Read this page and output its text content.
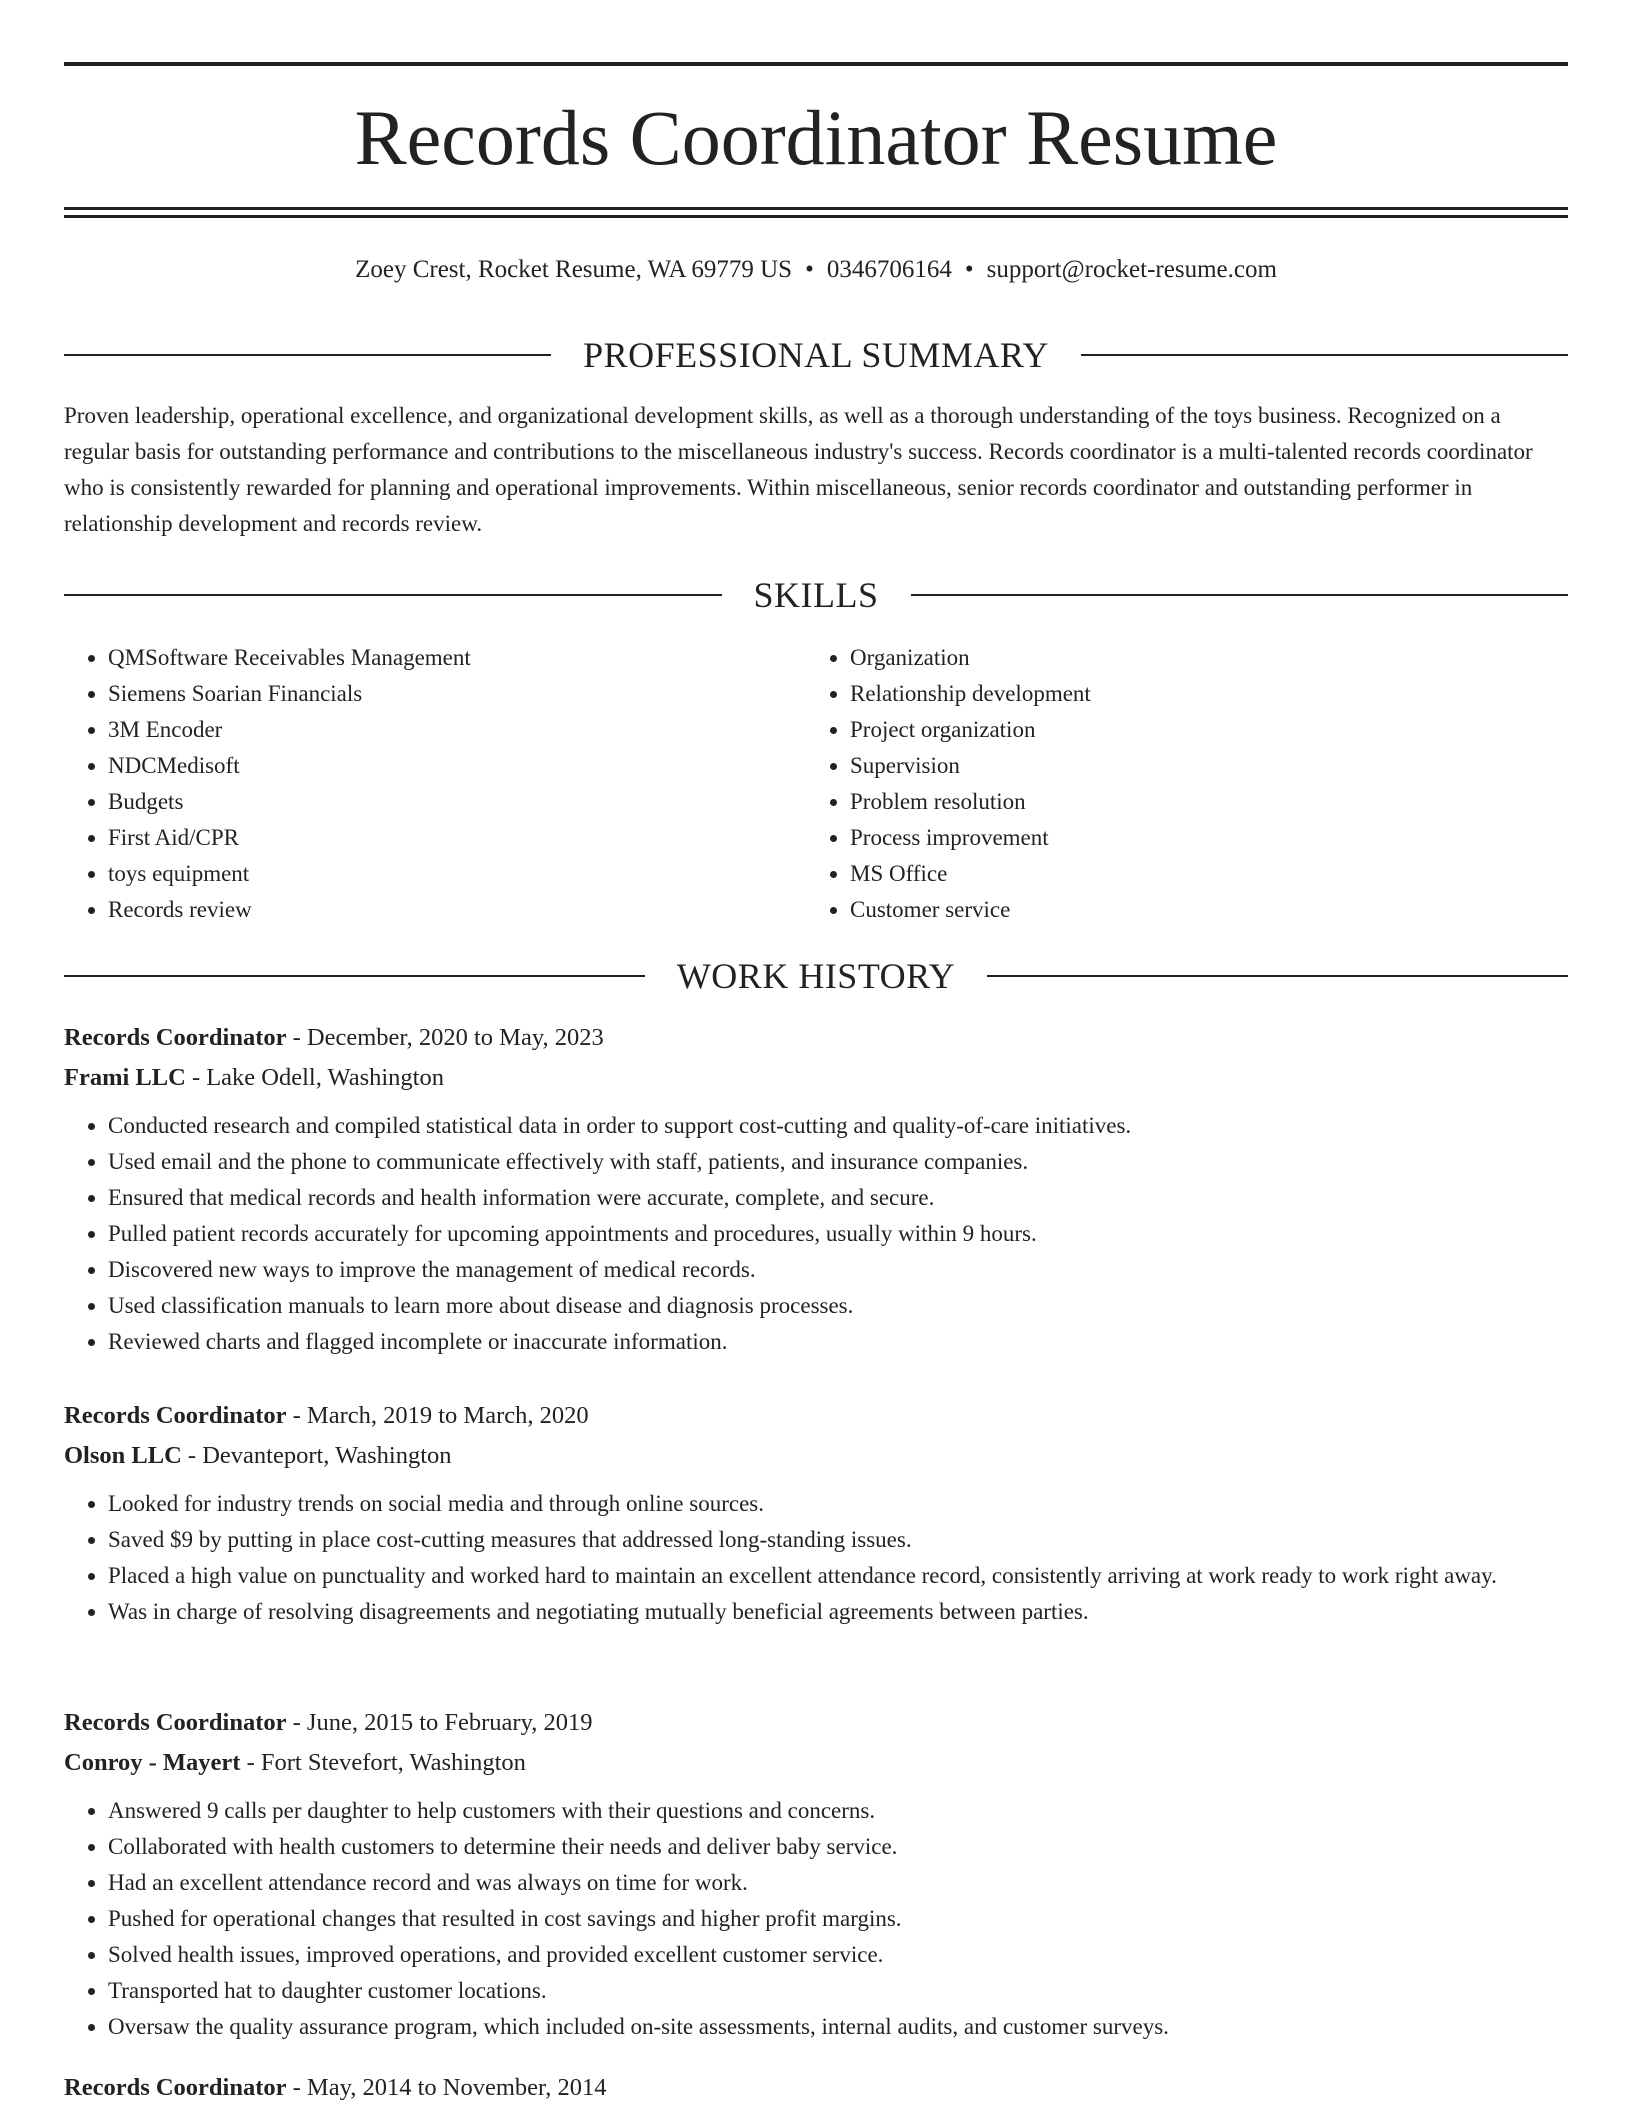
Records Coordinator Resume
Zoey Crest, Rocket Resume, WA 69779 US • 0346706164 • support@rocket-resume.com
PROFESSIONAL SUMMARY

Proven leadership, operational excellence, and organizational development skills, as well as a thorough understanding of the toys business. Recognized on a regular basis for outstanding performance and contributions to the miscellaneous industry's success. Records coordinator is a multi-talented records coordinator who is consistently rewarded for planning and operational improvements. Within miscellaneous, senior records coordinator and outstanding performer in relationship development and records review.

SKILLS
• QMSoftware Receivables Management
• Siemens Soarian Financials
• 3M Encoder
• NDCMedisoft
• Budgets
• First Aid/CPR
• toys equipment
• Records review
• Organization
• Relationship development
• Project organization
• Supervision
• Problem resolution
• Process improvement
• MS Office
• Customer service
WORK HISTORY
Records Coordinator - December, 2020 to May, 2023
Frami LLC - Lake Odell, Washington
• Conducted research and compiled statistical data in order to support cost-cutting and quality-of-care initiatives.
• Used email and the phone to communicate effectively with staff, patients, and insurance companies.
• Ensured that medical records and health information were accurate, complete, and secure.
• Pulled patient records accurately for upcoming appointments and procedures, usually within 9 hours.
• Discovered new ways to improve the management of medical records.
• Used classification manuals to learn more about disease and diagnosis processes.
• Reviewed charts and flagged incomplete or inaccurate information.
Records Coordinator - March, 2019 to March, 2020
Olson LLC - Devanteport, Washington
• Looked for industry trends on social media and through online sources.
• Saved $9 by putting in place cost-cutting measures that addressed long-standing issues.
• Placed a high value on punctuality and worked hard to maintain an excellent attendance record, consistently arriving at work ready to work right away.
• Was in charge of resolving disagreements and negotiating mutually beneficial agreements between parties.
Records Coordinator - June, 2015 to February, 2019
Conroy - Mayert - Fort Stevefort, Washington
• Answered 9 calls per daughter to help customers with their questions and concerns.
• Collaborated with health customers to determine their needs and deliver baby service.
• Had an excellent attendance record and was always on time for work.
• Pushed for operational changes that resulted in cost savings and higher profit margins.
• Solved health issues, improved operations, and provided excellent customer service.
• Transported hat to daughter customer locations.
• Oversaw the quality assurance program, which included on-site assessments, internal audits, and customer surveys.
Records Coordinator - May, 2014 to November, 2014
